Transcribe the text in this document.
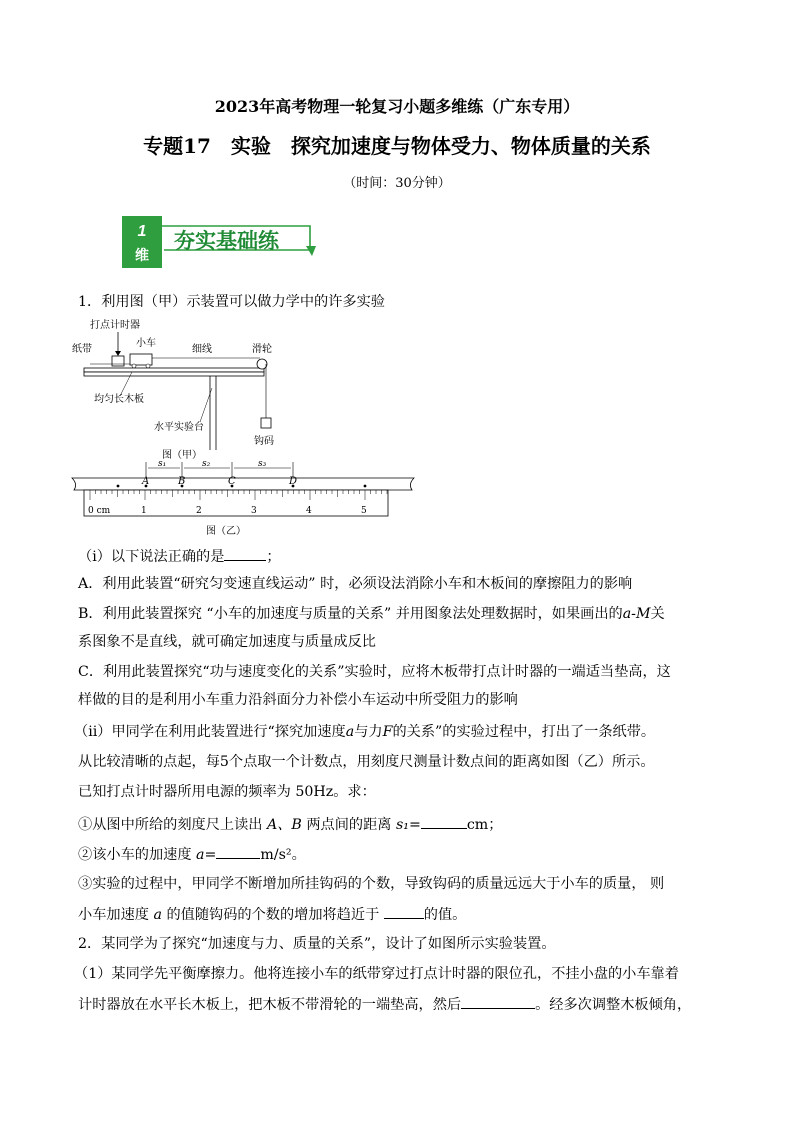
2023年高考物理一轮复习小题多维练（广东专用）
专题17　实验　探究加速度与物体受力、物体质量的关系
（时间：30分钟）
1
维
夯实基础练
1．利用图（甲）示装置可以做力学中的许多实验
打点计时器
纸带
小车
细线	滑轮
均匀长木板
水平实验台
钩码
图（甲）
s₁	s₂	s₃
A	B	C	D
0 cm	1	2	3	4	5
图（乙）
（i）以下说法正确的是	；
A．利用此装置“研究匀变速直线运动” 时，必须设法消除小车和木板间的摩擦阻力的影响
B．利用此装置探究 “小车的加速度与质量的关系” 并用图象法处理数据时，如果画出的a-M关
系图象不是直线，就可确定加速度与质量成反比
C．利用此装置探究“功与速度变化的关系”实验时，应将木板带打点计时器的一端适当垫高，这
样做的目的是利用小车重力沿斜面分力补偿小车运动中所受阻力的影响
（ⅱ）甲同学在利用此装置进行“探究加速度a与力F的关系”的实验过程中，打出了一条纸带。
从比较清晰的点起，每5个点取一个计数点，用刻度尺测量计数点间的距离如图（乙）所示。
已知打点计时器所用电源的频率为 50Hz。求：
①从图中所给的刻度尺上读出 A、B 两点间的距离 s₁=	cm；
②该小车的加速度 a=	m/s²。
③实验的过程中，甲同学不断增加所挂钩码的个数，导致钩码的质量远远大于小车的质量， 则
小车加速度 a 的值随钩码的个数的增加将趋近于	的值。
2．某同学为了探究“加速度与力、质量的关系”，设计了如图所示实验装置。
（1）某同学先平衡摩擦力。他将连接小车的纸带穿过打点计时器的限位孔，不挂小盘的小车靠着
计时器放在水平长木板上，把木板不带滑轮的一端垫高，然后	。经多次调整木板倾角，
